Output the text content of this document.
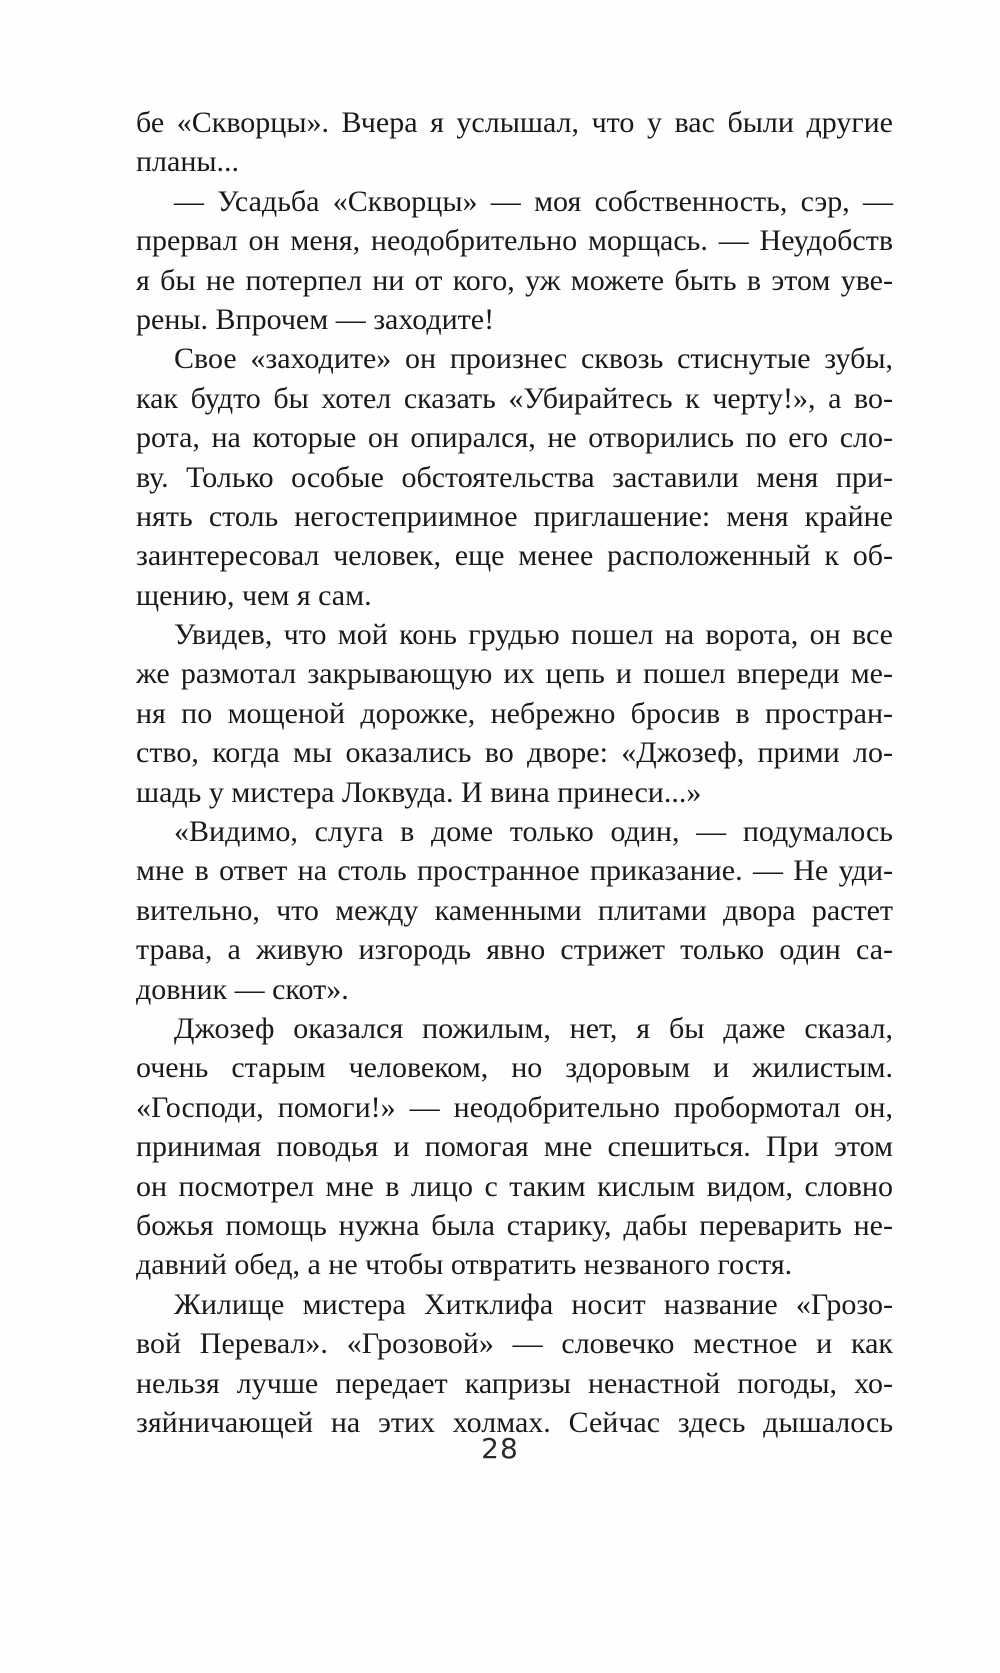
бе «Скворцы». Вчера я услышал, что у вас были другие
планы...
— Усадьба «Скворцы» — моя собственность, сэр, —
прервал он меня, неодобрительно морщась. — Неудобств
я бы не потерпел ни от кого, уж можете быть в этом уве-
рены. Впрочем — заходите!
Свое «заходите» он произнес сквозь стиснутые зубы,
как будто бы хотел сказать «Убирайтесь к черту!», а во-
рота, на которые он опирался, не отворились по его сло-
ву. Только особые обстоятельства заставили меня при-
нять столь негостеприимное приглашение: меня крайне
заинтересовал человек, еще менее расположенный к об-
щению, чем я сам.
Увидев, что мой конь грудью пошел на ворота, он все
же размотал закрывающую их цепь и пошел впереди ме-
ня по мощеной дорожке, небрежно бросив в простран-
ство, когда мы оказались во дворе: «Джозеф, прими ло-
шадь у мистера Локвуда. И вина принеси...»
«Видимо, слуга в доме только один, — подумалось
мне в ответ на столь пространное приказание. — Не уди-
вительно, что между каменными плитами двора растет
трава, а живую изгородь явно стрижет только один са-
довник — скот».
Джозеф оказался пожилым, нет, я бы даже сказал,
очень старым человеком, но здоровым и жилистым.
«Господи, помоги!» — неодобрительно пробормотал он,
принимая поводья и помогая мне спешиться. При этом
он посмотрел мне в лицо с таким кислым видом, словно
божья помощь нужна была старику, дабы переварить не-
давний обед, а не чтобы отвратить незваного гостя.
Жилище мистера Хитклифа носит название «Грозо-
вой Перевал». «Грозовой» — словечко местное и как
нельзя лучше передает капризы ненастной погоды, хо-
зяйничающей на этих холмах. Сейчас здесь дышалось
28
